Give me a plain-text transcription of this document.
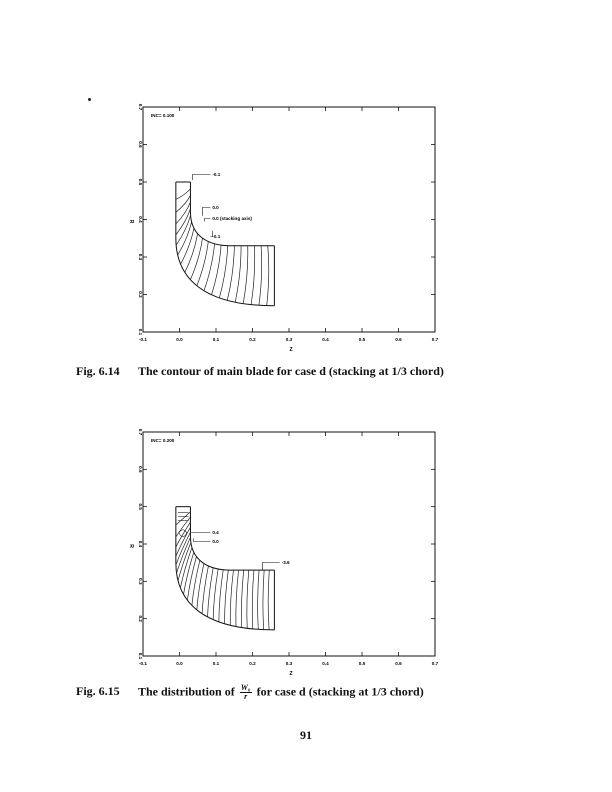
-0.1	0.0	0.1	0.2	0.3	0.4	0.5	0.6	0.7
0.1
0.2
0.3
0.4
0.5
0.6
0.7
Z
R
INC= 0.100
-0.1
0.0
0.0 (stacking axis)
-0.1
-0.1	0.0	0.1	0.2	0.3	0.4	0.5	0.6	0.7
0.1
0.2
0.3
0.4
0.5
0.6
0.7
Z
R
INC= 0.200
0.4
0.0
-3.6
Fig. 6.14 The contour of main blade for case d (stacking at 1/3 chord)
Fig. 6.15 The distribution of $\frac{\text{W₀}}{r}$ for case d (stacking at 1/3 chord)
91
